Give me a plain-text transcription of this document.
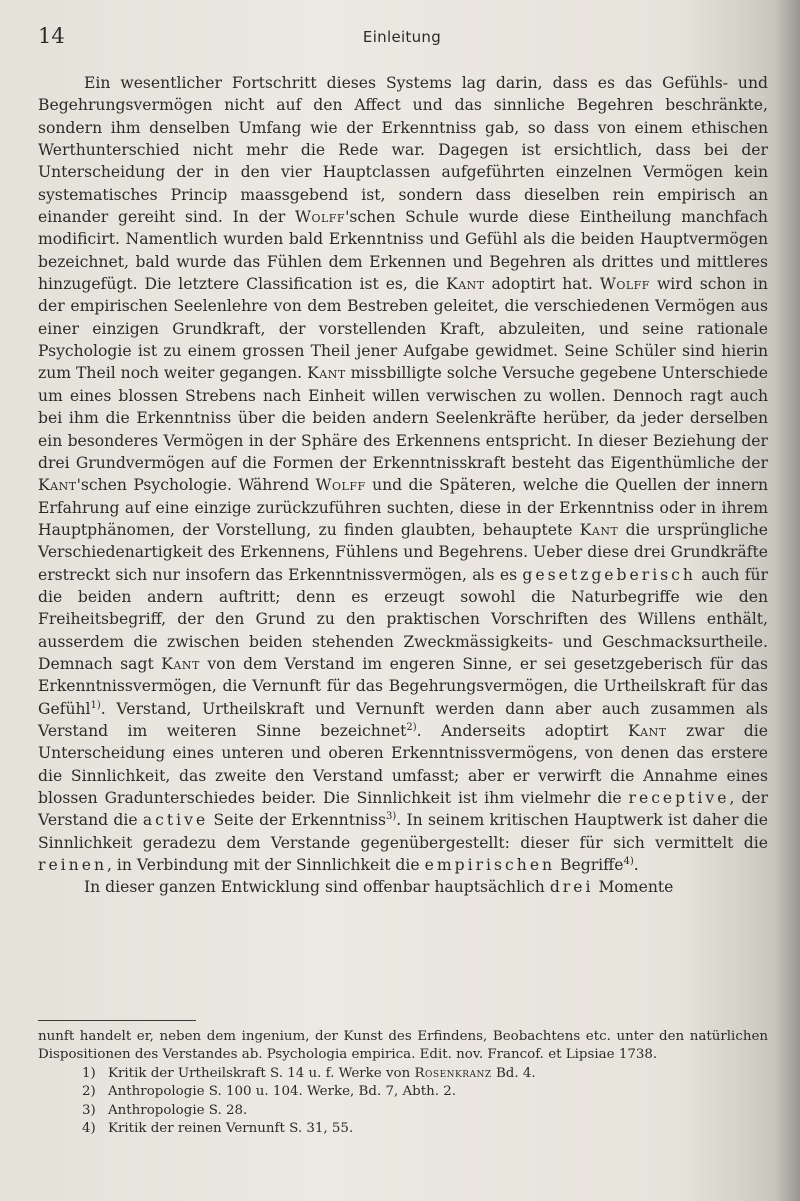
14	Einleitung

Ein wesentlicher Fortschritt dieses Systems lag darin, dass es das Gefühls- und Begehrungsvermögen nicht auf den Affect und das sinnliche Begehren beschränkte, sondern ihm denselben Umfang wie der Erkenntniss gab, so dass von einem ethischen Werthunterschied nicht mehr die Rede war. Dagegen ist ersichtlich, dass bei der Unterscheidung der in den vier Hauptclassen aufgeführten einzelnen Vermögen kein systematisches Princip maassgebend ist, sondern dass dieselben rein empirisch an einander gereiht sind. In der Wolff'schen Schule wurde diese Eintheilung manchfach modificirt. Namentlich wurden bald Erkenntniss und Gefühl als die beiden Hauptvermögen bezeichnet, bald wurde das Fühlen dem Erkennen und Begehren als drittes und mittleres hinzugefügt. Die letztere Classification ist es, die Kant adoptirt hat. Wolff wird schon in der empirischen Seelenlehre von dem Bestreben geleitet, die verschiedenen Vermögen aus einer einzigen Grundkraft, der vorstellenden Kraft, abzuleiten, und seine rationale Psychologie ist zu einem grossen Theil jener Aufgabe gewidmet. Seine Schüler sind hierin zum Theil noch weiter gegangen. Kant missbilligte solche Versuche gegebene Unterschiede um eines blossen Strebens nach Einheit willen verwischen zu wollen. Dennoch ragt auch bei ihm die Erkenntniss über die beiden andern Seelenkräfte herüber, da jeder derselben ein besonderes Vermögen in der Sphäre des Erkennens entspricht. In dieser Beziehung der drei Grundvermögen auf die Formen der Erkenntnisskraft besteht das Eigenthümliche der Kant'schen Psychologie. Während Wolff und die Späteren, welche die Quellen der innern Erfahrung auf eine einzige zurückzuführen suchten, diese in der Erkenntniss oder in ihrem Hauptphänomen, der Vorstellung, zu finden glaubten, behauptete Kant die ursprüngliche Verschiedenartigkeit des Erkennens, Fühlens und Begehrens. Ueber diese drei Grundkräfte erstreckt sich nur insofern das Erkenntnissvermögen, als es gesetzgeberisch auch für die beiden andern auftritt; denn es erzeugt sowohl die Naturbegriffe wie den Freiheitsbegriff, der den Grund zu den praktischen Vorschriften des Willens enthält, ausserdem die zwischen beiden stehenden Zweckmässigkeits- und Geschmacksurtheile. Demnach sagt Kant von dem Verstand im engeren Sinne, er sei gesetzgeberisch für das Erkenntnissvermögen, die Vernunft für das Begehrungsvermögen, die Urtheilskraft für das Gefühl$^{1)}$. Verstand, Urtheilskraft und Vernunft werden dann aber auch zusammen als Verstand im weiteren Sinne bezeichnet$^{2)}$. Anderseits adoptirt Kant zwar die Unterscheidung eines unteren und oberen Erkenntnissvermögens, von denen das erstere die Sinnlichkeit, das zweite den Verstand umfasst; aber er verwirft die Annahme eines blossen Gradunterschiedes beider. Die Sinnlichkeit ist ihm vielmehr die receptive, der Verstand die active Seite der Erkenntniss$^{3)}$. In seinem kritischen Hauptwerk ist daher die Sinnlichkeit geradezu dem Verstande gegenübergestellt: dieser für sich vermittelt die reinen, in Verbindung mit der Sinnlichkeit die empirischen Begriffe$^{4)}$.

In dieser ganzen Entwicklung sind offenbar hauptsächlich drei Momente

nunft handelt er, neben dem ingenium, der Kunst des Erfindens, Beobachtens etc. unter den natürlichen Dispositionen des Verstandes ab. Psychologia empirica. Edit. nov. Francof. et Lipsiae 1738.
1) Kritik der Urtheilskraft S. 14 u. f. Werke von Rosenkranz Bd. 4.
2) Anthropologie S. 100 u. 104. Werke, Bd. 7, Abth. 2.
3) Anthropologie S. 28.
4) Kritik der reinen Vernunft S. 31, 55.
